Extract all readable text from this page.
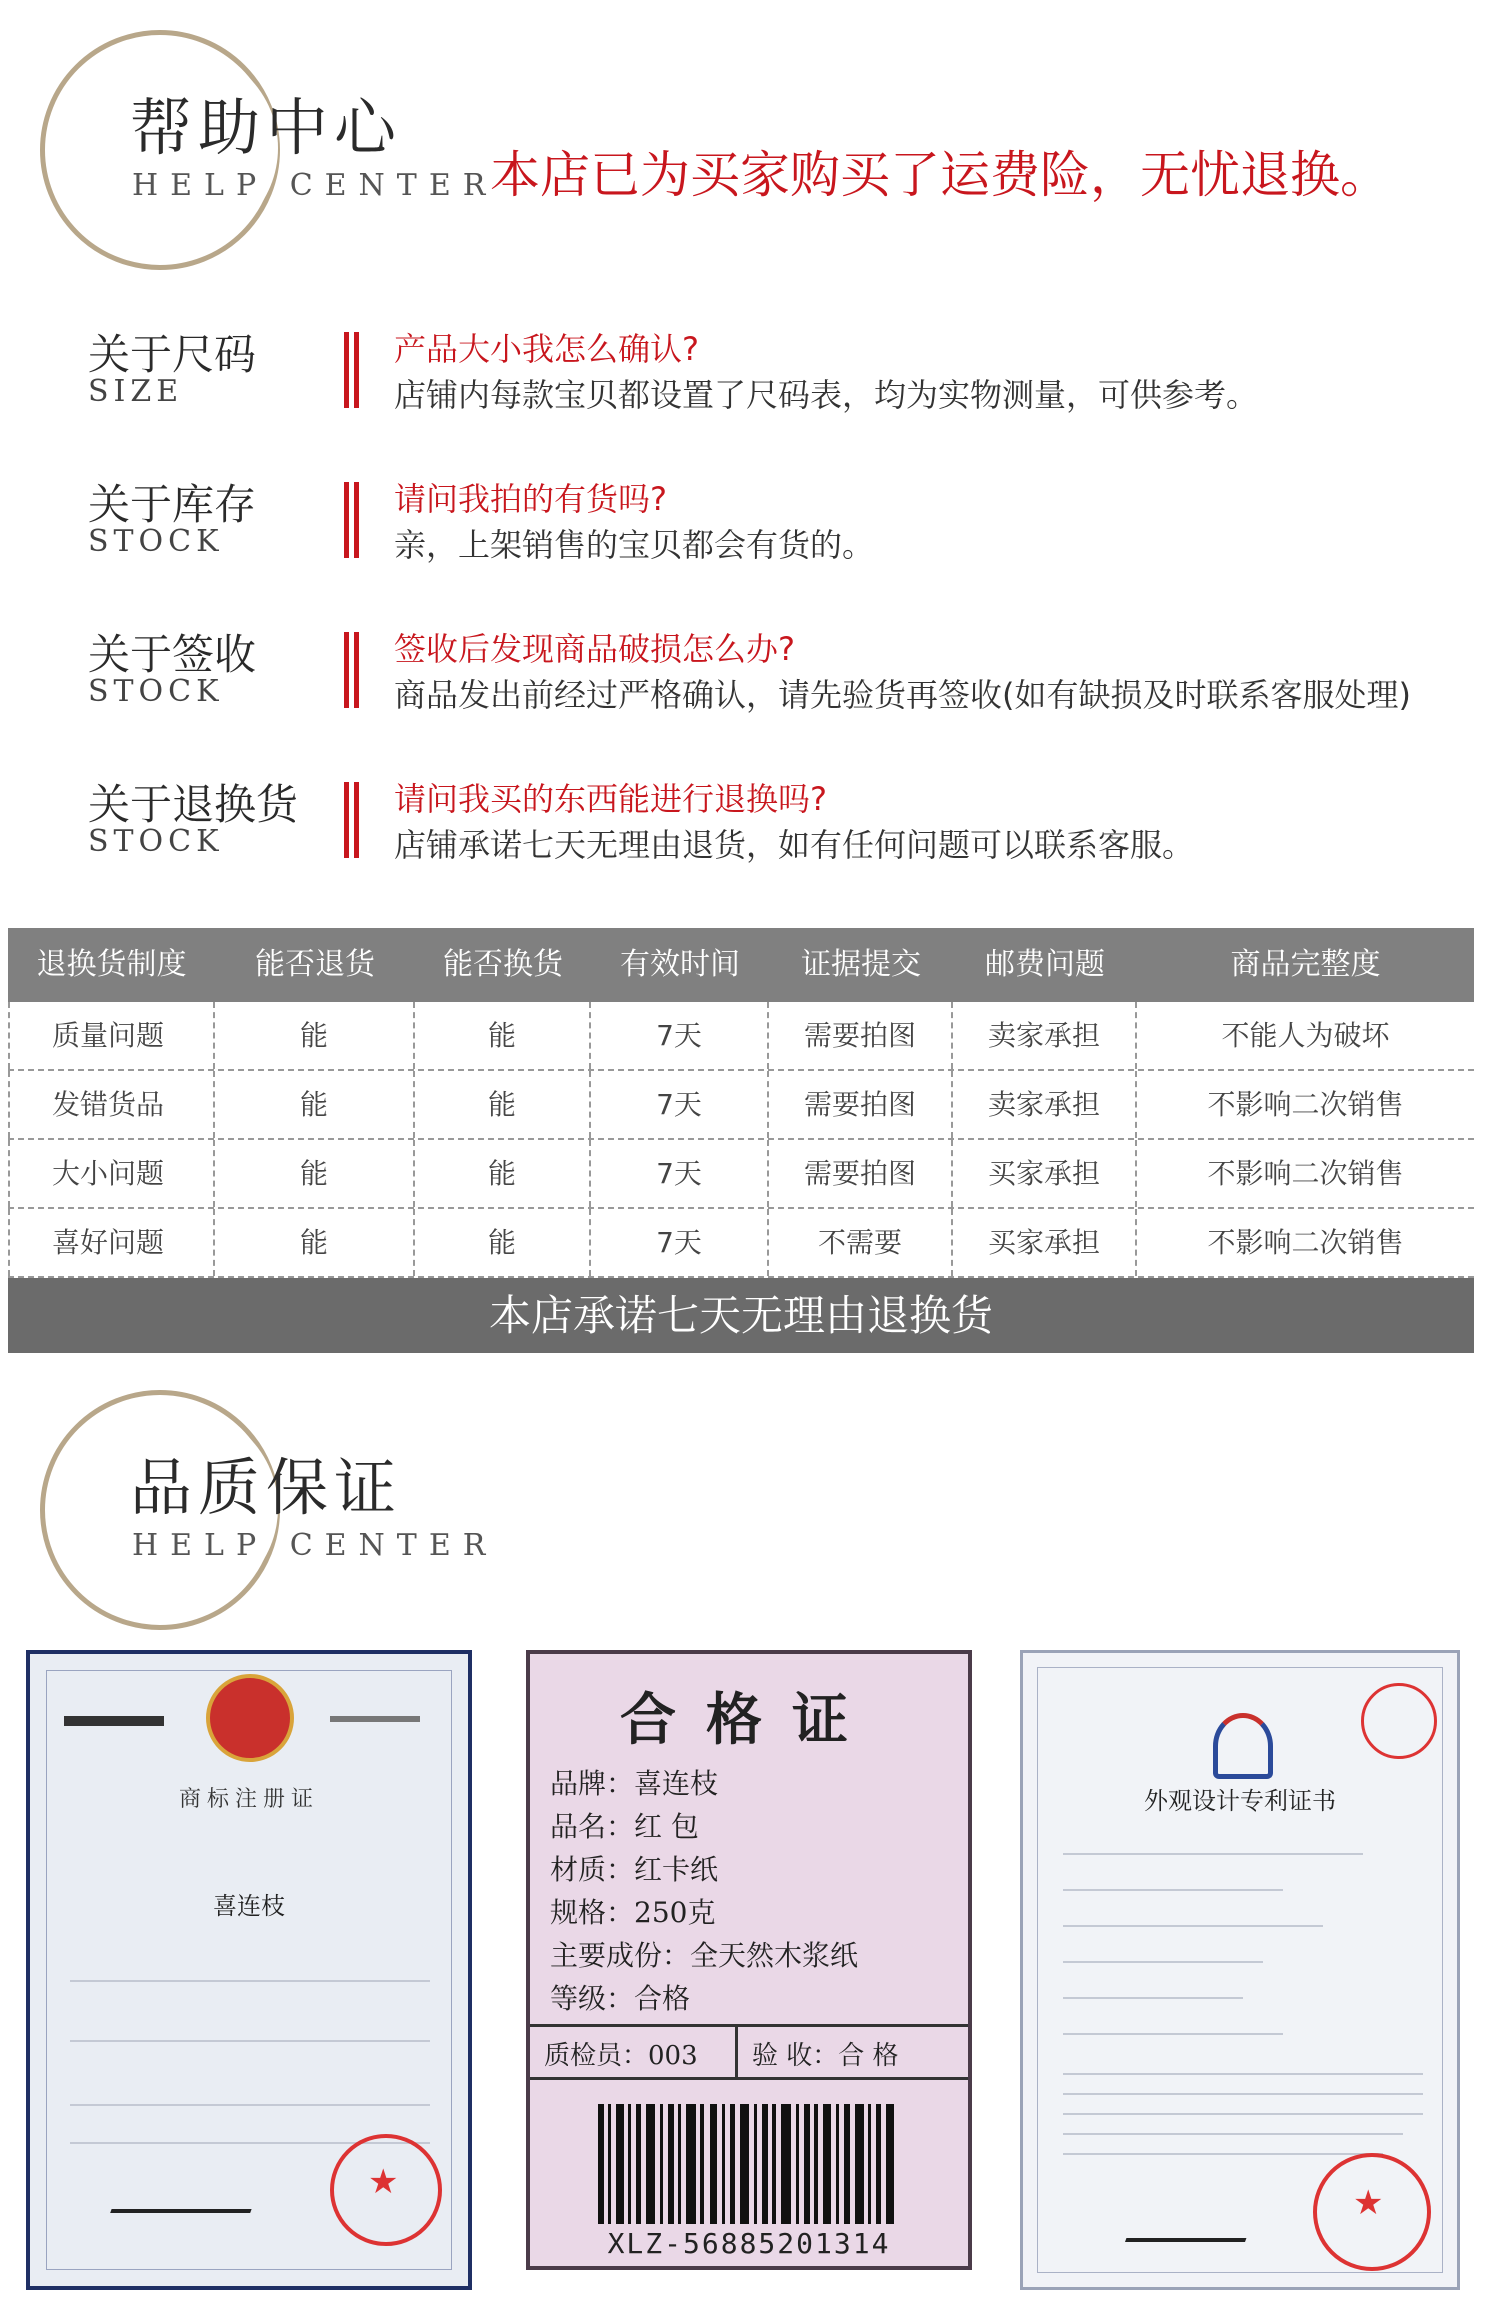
帮助中心
HELP CENTER
本店已为买家购买了运费险，无忧退换。
关于尺码
SIZE
产品大小我怎么确认?
店铺内每款宝贝都设置了尺码表，均为实物测量，可供参考。
关于库存
STOCK
请问我拍的有货吗?
亲，上架销售的宝贝都会有货的。
关于签收
STOCK
签收后发现商品破损怎么办?
商品发出前经过严格确认，请先验货再签收(如有缺损及时联系客服处理)
关于退换货
STOCK
请问我买的东西能进行退换吗?
店铺承诺七天无理由退货，如有任何问题可以联系客服。
退换货制度	能否退货	能否换货	有效时间	证据提交	邮费问题	商品完整度
质量问题	能	能	7天	需要拍图	卖家承担	不能人为破坏
发错货品	能	能	7天	需要拍图	卖家承担	不影响二次销售
大小问题	能	能	7天	需要拍图	买家承担	不影响二次销售
喜好问题	能	能	7天	不需要	买家承担	不影响二次销售
本店承诺七天无理由退换货
品质保证
HELP CENTER
商标注册证
喜连枝
★
合格证
品牌：喜连枝
品名：红 包
材质：红卡纸
规格：250克
主要成份：全天然木浆纸
等级：合格
质检员：003 验 收：合 格
XLZ-56885201314
外观设计专利证书
★
